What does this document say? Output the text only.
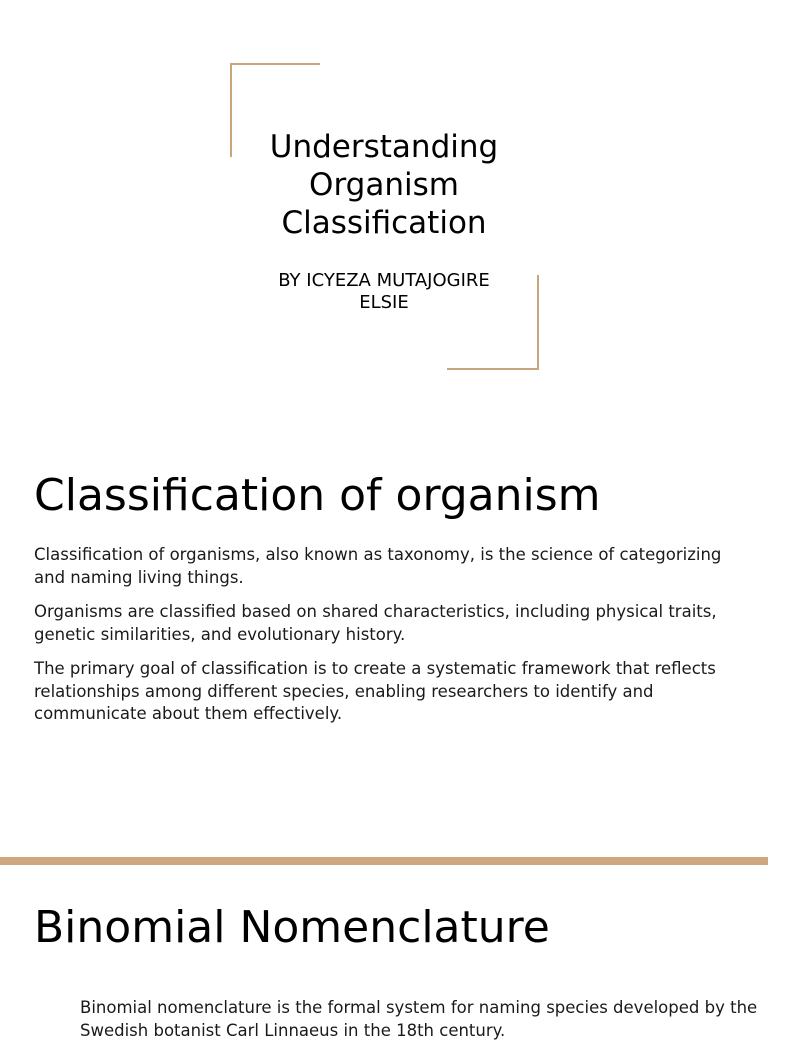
Understanding
Organism
Classification
BY ICYEZA MUTAJOGIRE
ELSIE
Classification of organism

Classification of organisms, also known as taxonomy, is the science of categorizing and naming living things.

Organisms are classified based on shared characteristics, including physical traits, genetic similarities, and evolutionary history.

The primary goal of classification is to create a systematic framework that reflects relationships among different species, enabling researchers to identify and communicate about them effectively.

Binomial Nomenclature
Binomial nomenclature is the formal system for naming species developed by the
Swedish botanist Carl Linnaeus in the 18th century.
